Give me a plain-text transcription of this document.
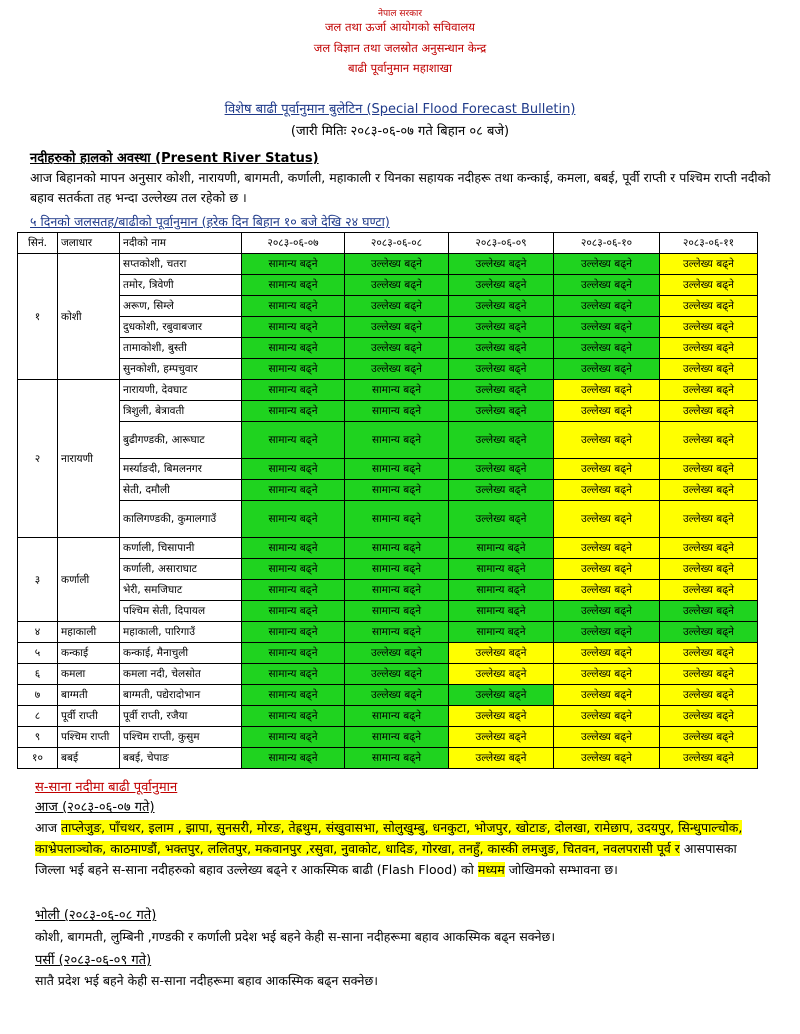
नेपाल सरकार
जल तथा ऊर्जा आयोगको सचिवालय
जल विज्ञान तथा जलस्रोत अनुसन्धान केन्द्र
बाढी पूर्वानुमान महाशाखा
विशेष बाढी पूर्वानुमान बुलेटिन (Special Flood Forecast Bulletin)
(जारी मितिः २०८३-०६-०७ गते बिहान ०८ बजे)
नदीहरुको हालको अवस्था (Present River Status)
आज बिहानको मापन अनुसार कोशी, नारायणी, बागमती, कर्णाली, महाकाली र यिनका सहायक नदीहरू तथा कन्काई, कमला, बबई, पूर्वी राप्ती र पश्चिम राप्ती नदीको बहाव सतर्कता तह भन्दा उल्लेख्य तल रहेको छ ।
५ दिनको जलसतह/बाढीको पूर्वानुमान (हरेक दिन बिहान १० बजे देखि २४ घण्टा)
सिनं.	जलाधार	नदीको नाम	२०८३-०६-०७	२०८३-०६-०८	२०८३-०६-०९	२०८३-०६-१०	२०८३-०६-११
१	कोशी	सप्तकोशी, चतरा	सामान्य बढ्ने	उल्लेख्य बढ्ने	उल्लेख्य बढ्ने	उल्लेख्य बढ्ने	उल्लेख्य बढ्ने
		तमोर, त्रिवेणी	सामान्य बढ्ने	उल्लेख्य बढ्ने	उल्लेख्य बढ्ने	उल्लेख्य बढ्ने	उल्लेख्य बढ्ने
		अरूण, सिम्ले	सामान्य बढ्ने	उल्लेख्य बढ्ने	उल्लेख्य बढ्ने	उल्लेख्य बढ्ने	उल्लेख्य बढ्ने
		दुधकोशी, रबुवाबजार	सामान्य बढ्ने	उल्लेख्य बढ्ने	उल्लेख्य बढ्ने	उल्लेख्य बढ्ने	उल्लेख्य बढ्ने
		तामाकोशी, बुस्ती	सामान्य बढ्ने	उल्लेख्य बढ्ने	उल्लेख्य बढ्ने	उल्लेख्य बढ्ने	उल्लेख्य बढ्ने
		सुनकोशी, हम्पचुवार	सामान्य बढ्ने	उल्लेख्य बढ्ने	उल्लेख्य बढ्ने	उल्लेख्य बढ्ने	उल्लेख्य बढ्ने
२	नारायणी	नारायणी, देवघाट	सामान्य बढ्ने	सामान्य बढ्ने	उल्लेख्य बढ्ने	उल्लेख्य बढ्ने	उल्लेख्य बढ्ने
		त्रिशुली, बेत्रावती	सामान्य बढ्ने	सामान्य बढ्ने	उल्लेख्य बढ्ने	उल्लेख्य बढ्ने	उल्लेख्य बढ्ने
		बुढीगण्डकी, आरूघाट	सामान्य बढ्ने	सामान्य बढ्ने	उल्लेख्य बढ्ने	उल्लेख्य बढ्ने	उल्लेख्य बढ्ने
		मर्स्याङदी, बिमलनगर	सामान्य बढ्ने	सामान्य बढ्ने	उल्लेख्य बढ्ने	उल्लेख्य बढ्ने	उल्लेख्य बढ्ने
		सेती, दमौली	सामान्य बढ्ने	सामान्य बढ्ने	उल्लेख्य बढ्ने	उल्लेख्य बढ्ने	उल्लेख्य बढ्ने
		कालिगण्डकी, कुमालगाउँ	सामान्य बढ्ने	सामान्य बढ्ने	उल्लेख्य बढ्ने	उल्लेख्य बढ्ने	उल्लेख्य बढ्ने
३	कर्णाली	कर्णाली, चिसापानी	सामान्य बढ्ने	सामान्य बढ्ने	सामान्य बढ्ने	उल्लेख्य बढ्ने	उल्लेख्य बढ्ने
		कर्णाली, असाराघाट	सामान्य बढ्ने	सामान्य बढ्ने	सामान्य बढ्ने	उल्लेख्य बढ्ने	उल्लेख्य बढ्ने
		भेरी, समजिघाट	सामान्य बढ्ने	सामान्य बढ्ने	सामान्य बढ्ने	उल्लेख्य बढ्ने	उल्लेख्य बढ्ने
		पश्चिम सेती, दिपायल	सामान्य बढ्ने	सामान्य बढ्ने	सामान्य बढ्ने	उल्लेख्य बढ्ने	उल्लेख्य बढ्ने
४	महाकाली	महाकाली, पारिगाउँ	सामान्य बढ्ने	सामान्य बढ्ने	सामान्य बढ्ने	उल्लेख्य बढ्ने	उल्लेख्य बढ्ने
५	कन्काई	कन्काई, मैनाचुली	सामान्य बढ्ने	उल्लेख्य बढ्ने	उल्लेख्य बढ्ने	उल्लेख्य बढ्ने	उल्लेख्य बढ्ने
६	कमला	कमला नदी, चेलसोत	सामान्य बढ्ने	उल्लेख्य बढ्ने	उल्लेख्य बढ्ने	उल्लेख्य बढ्ने	उल्लेख्य बढ्ने
७	बाग्मती	बाग्मती, पद्येरादोभान	सामान्य बढ्ने	उल्लेख्य बढ्ने	उल्लेख्य बढ्ने	उल्लेख्य बढ्ने	उल्लेख्य बढ्ने
८	पूर्वी राप्ती	पूर्वी राप्ती, रजैया	सामान्य बढ्ने	सामान्य बढ्ने	उल्लेख्य बढ्ने	उल्लेख्य बढ्ने	उल्लेख्य बढ्ने
९	पश्चिम राप्ती	पश्चिम राप्ती, कुसुम	सामान्य बढ्ने	सामान्य बढ्ने	उल्लेख्य बढ्ने	उल्लेख्य बढ्ने	उल्लेख्य बढ्ने
१०	बबई	बबई, चेपाङ	सामान्य बढ्ने	सामान्य बढ्ने	उल्लेख्य बढ्ने	उल्लेख्य बढ्ने	उल्लेख्य बढ्ने
स-साना नदीमा बाढी पूर्वानुमान
आज (२०८३-०६-०७ गते)
आज ताप्लेजुङ, पाँचथर, इलाम , झापा, सुनसरी, मोरङ, तेह्रथुम, संखुवासभा, सोलुखुम्बु, धनकुटा, भोजपुर, खोटाङ, दोलखा, रामेछाप, उदयपुर, सिन्धुपाल्चोक, काभ्रेपलाञ्चोक, काठमाण्डौं, भक्तपुर, ललितपुर, मकवानपुर ,रसुवा, नुवाकोट, धादिङ, गोरखा, तनहुँ, कास्की लमजुङ, चितवन, नवलपरासी पूर्व र आसपासका जिल्ला भई बहने स-साना नदीहरुको बहाव उल्लेख्य बढ्ने र आकस्मिक बाढी (Flash Flood) को मध्यम जोखिमको सम्भावना छ।
भोली (२०८३-०६-०८ गते)
कोशी, बागमती, लुम्बिनी ,गण्डकी र कर्णाली प्रदेश भई बहने केही स-साना नदीहरूमा बहाव आकस्मिक बढ्न सक्नेछ।
पर्सी (२०८३-०६-०९ गते)
सातै प्रदेश भई बहने केही स-साना नदीहरूमा बहाव आकस्मिक बढ्न सक्नेछ।
